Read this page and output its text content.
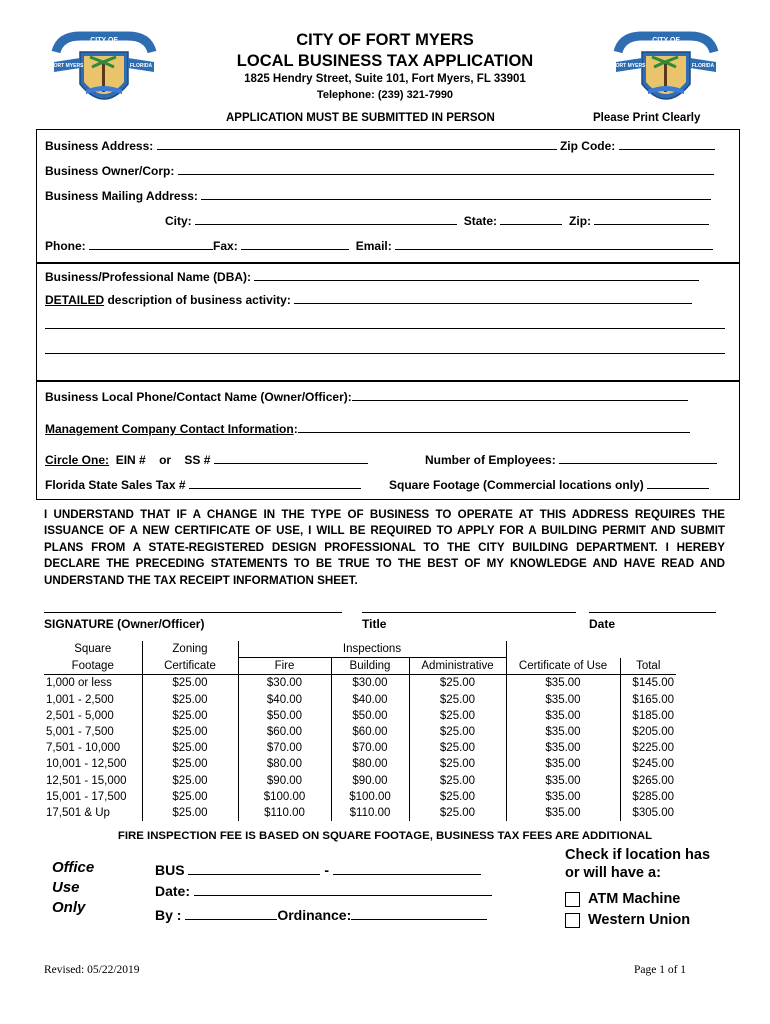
CITY OF
FORT MYERS	FLORIDA
CITY OF
FORT MYERS	FLORIDA
CITY OF FORT MYERS
LOCAL BUSINESS TAX APPLICATION
1825 Hendry Street, Suite 101, Fort Myers, FL 33901
Telephone: (239) 321-7990
APPLICATION MUST BE SUBMITTED IN PERSON	Please Print Clearly
Business Address:	Zip Code:
Business Owner/Corp:
Business Mailing Address:
City:	State:	Zip:
Phone:	Fax:	Email:
Business/Professional Name (DBA):
DETAILED description of business activity:
Business Local Phone/Contact Name (Owner/Officer):
Management Company Contact Information:
Circle One: EIN # or SS #	Number of Employees:
Florida State Sales Tax #	Square Footage (Commercial locations only)
I UNDERSTAND THAT IF A CHANGE IN THE TYPE OF BUSINESS TO OPERATE AT THIS ADDRESS REQUIRES THE ISSUANCE OF A NEW CERTIFICATE OF USE, I WILL BE REQUIRED TO APPLY FOR A BUILDING PERMIT AND SUBMIT PLANS FROM A STATE-REGISTERED DESIGN PROFESSIONAL TO THE CITY BUILDING DEPARTMENT. I HEREBY DECLARE THE PRECEDING STATEMENTS TO BE TRUE TO THE BEST OF MY KNOWLEDGE AND HAVE READ AND UNDERSTAND THE TAX RECEIPT INFORMATION SHEET.
SIGNATURE (Owner/Officer)	Title	Date
Square	Zoning	Inspections				
Footage	Certificate	Fire	Building	Administrative	Certificate of Use	Total
1,000 or less	$25.00	$30.00	$30.00	$25.00	$35.00	$145.00
1,001 - 2,500	$25.00	$40.00	$40.00	$25.00	$35.00	$165.00
2,501 - 5,000	$25.00	$50.00	$50.00	$25.00	$35.00	$185.00
5,001 - 7,500	$25.00	$60.00	$60.00	$25.00	$35.00	$205.00
7,501 - 10,000	$25.00	$70.00	$70.00	$25.00	$35.00	$225.00
10,001 - 12,500	$25.00	$80.00	$80.00	$25.00	$35.00	$245.00
12,501 - 15,000	$25.00	$90.00	$90.00	$25.00	$35.00	$265.00
15,001 - 17,500	$25.00	$100.00	$100.00	$25.00	$35.00	$285.00
17,501 & Up	$25.00	$110.00	$110.00	$25.00	$35.00	$305.00
FIRE INSPECTION FEE IS BASED ON SQUARE FOOTAGE, BUSINESS TAX FEES ARE ADDITIONAL
Office
Use
Only
BUS	-
Date:
By :	Ordinance:
Check if location has
or will have a:
ATM Machine
Western Union
Revised: 05/22/2019	Page 1 of 1
